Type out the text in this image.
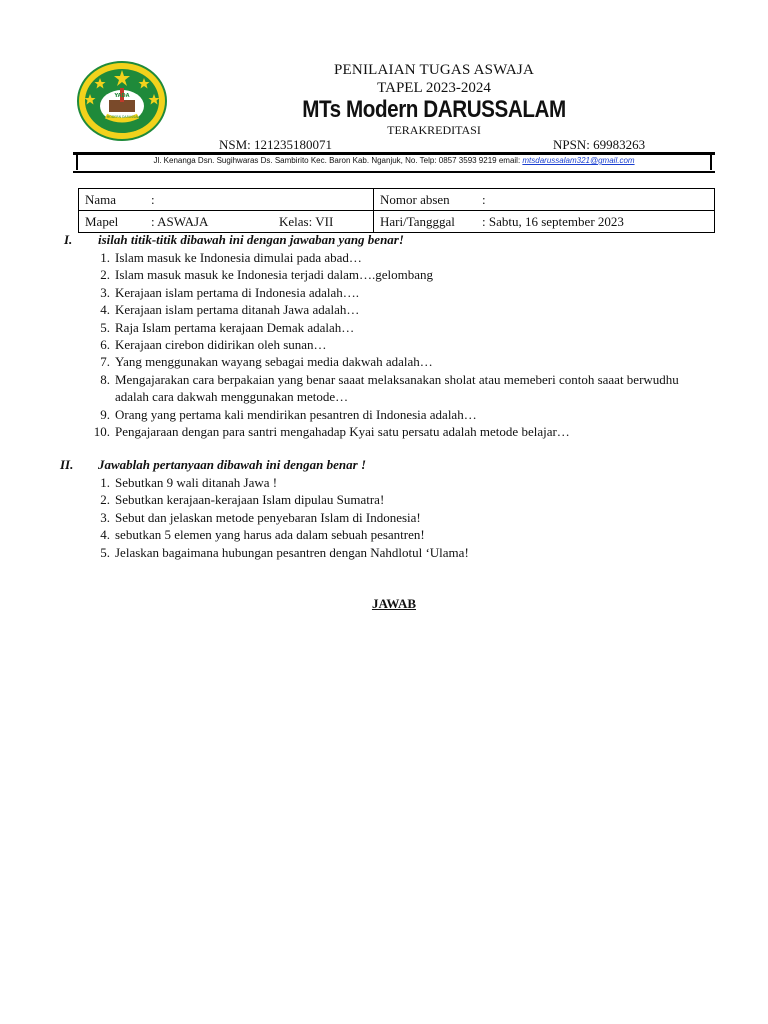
YADA
MTs MODERN DARUSSALAM
PENILAIAN TUGAS ASWAJA
TAPEL 2023-2024
MTs Modern DARUSSALAM
TERAKREDITASI
NSM: 121235180071	NPSN: 69983263
Jl. Kenanga Dsn. Sugihwaras Ds. Sambirito Kec. Baron Kab. Nganjuk, No. Telp: 0857 3593 9219 email: mtsdarussalam321@gmail.com
Nama :	Nomor absen :

Mapel : ASWAJA Kelas: VII	Hari/Tangggal : Sabtu, 16 september 2023
I. isilah titik-titik dibawah ini dengan jawaban yang benar!
1. Islam masuk ke Indonesia dimulai pada abad…
2. Islam masuk masuk ke Indonesia terjadi dalam….gelombang
3. Kerajaan islam pertama di Indonesia adalah….
4. Kerajaan islam pertama ditanah Jawa adalah…
5. Raja Islam pertama kerajaan Demak adalah…
6. Kerajaan cirebon didirikan oleh sunan…
7. Yang menggunakan wayang sebagai media dakwah adalah…
8. Mengajarakan cara berpakaian yang benar saaat melaksanakan sholat atau memeberi contoh saaat berwudhu adalah cara dakwah menggunakan metode…
9. Orang yang pertama kali mendirikan pesantren di Indonesia adalah…
10. Pengajaraan dengan para santri mengahadap Kyai satu persatu adalah metode belajar…
II. Jawablah pertanyaan dibawah ini dengan benar !
1. Sebutkan 9 wali ditanah Jawa !
2. Sebutkan kerajaan-kerajaan Islam dipulau Sumatra!
3. Sebut dan jelaskan metode penyebaran Islam di Indonesia!
4. sebutkan 5 elemen yang harus ada dalam sebuah pesantren!
5. Jelaskan bagaimana hubungan pesantren dengan Nahdlotul ‘Ulama!
JAWAB
